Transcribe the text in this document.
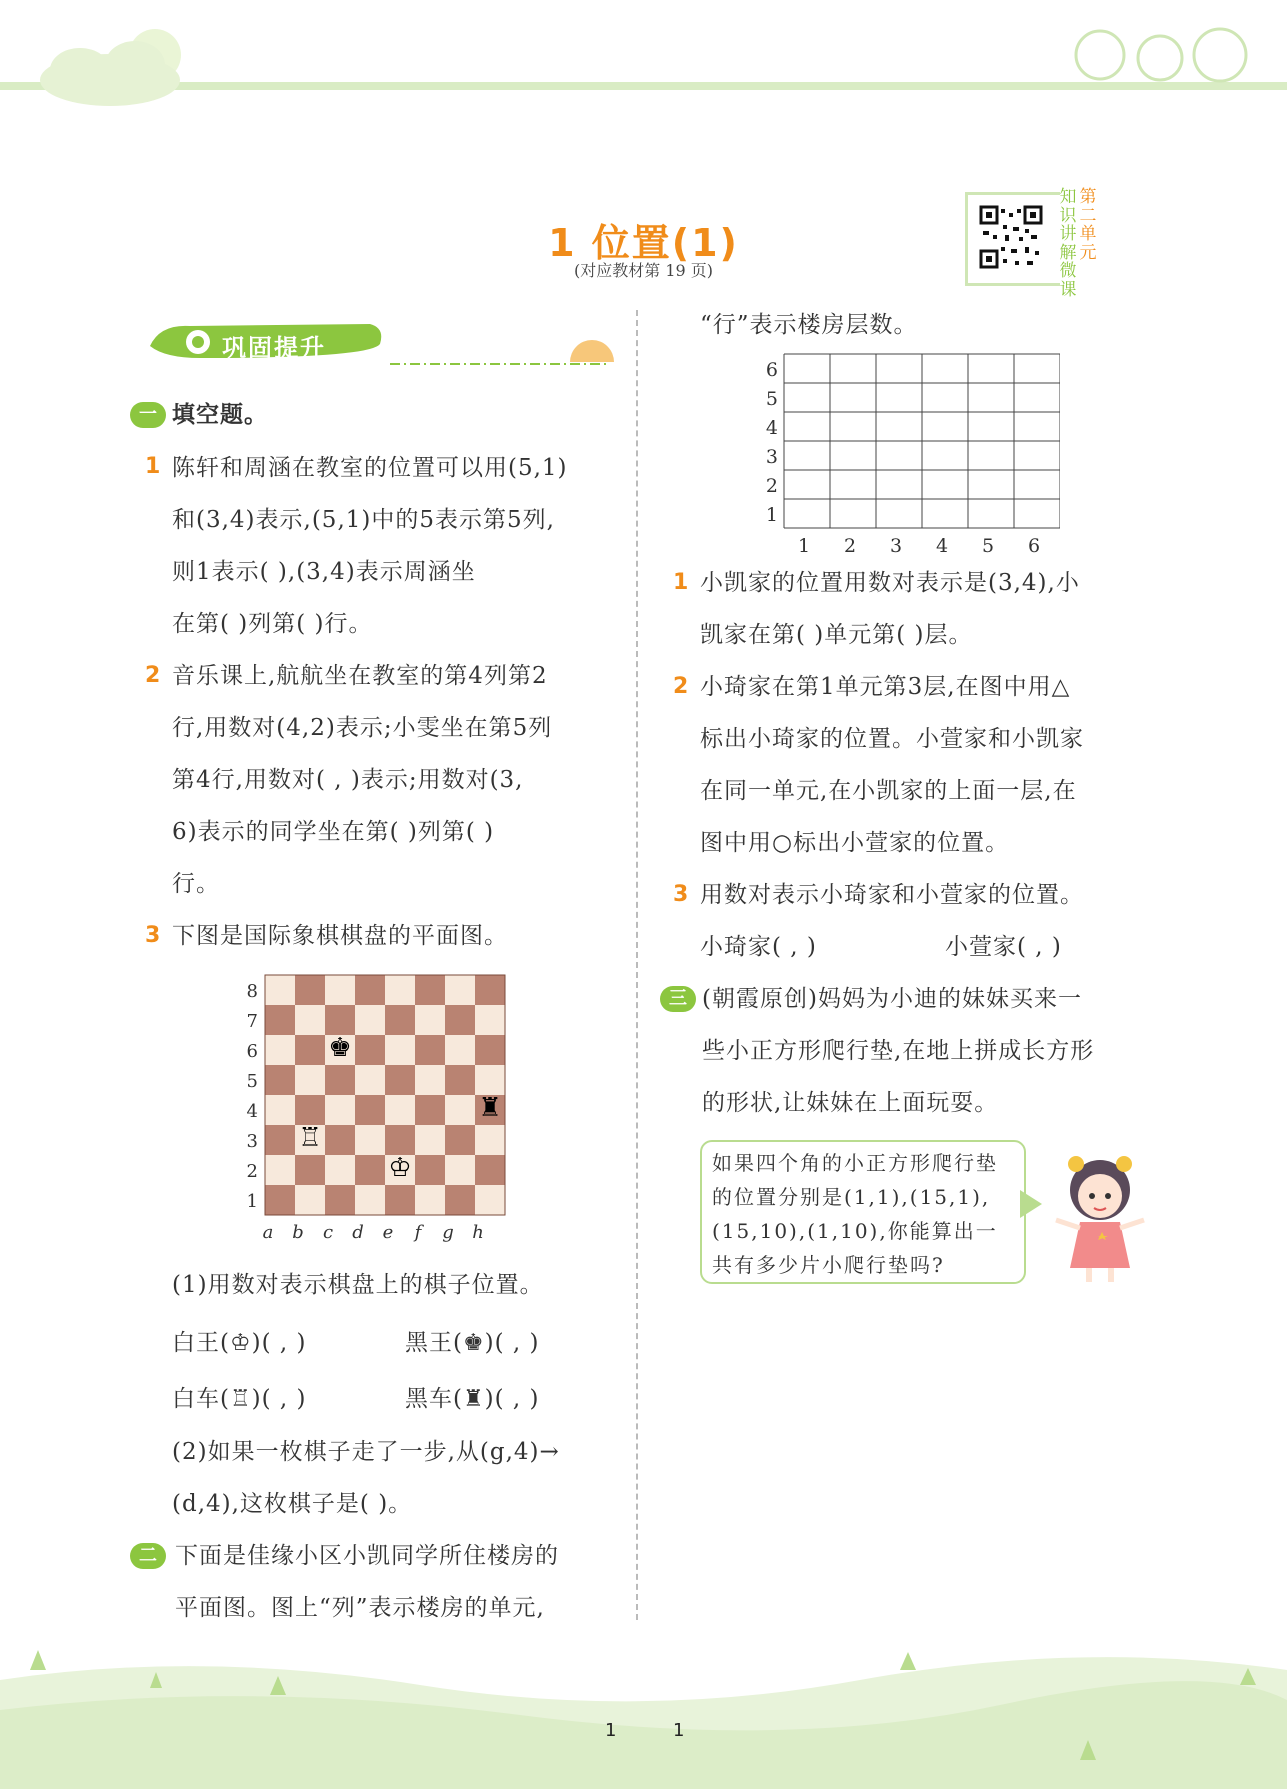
1 位置(1)
(对应教材第 19 页)
知识讲解微课
第二单元
巩固提升
一 填空题。
1 陈轩和周涵在教室的位置可以用(5,1)
和(3,4)表示,(5,1)中的5表示第5列,
则1表示( ),(3,4)表示周涵坐
在第( )列第( )行。
2 音乐课上,航航坐在教室的第4列第2
行,用数对(4,2)表示;小雯坐在第5列
第4行,用数对( , )表示;用数对(3,
6)表示的同学坐在第( )列第( )
行。
3 下图是国际象棋棋盘的平面图。
8
7
6
5
4
3
2
1
a b c d e f g h
♚
♜
♖
♔
(1)用数对表示棋盘上的棋子位置。
白王(♔)( , )	黑王(♚)( , )
白车(♖)( , )	黑车(♜)( , )
(2)如果一枚棋子走了一步,从(g,4)→
(d,4),这枚棋子是( )。
二 下面是佳缘小区小凯同学所住楼房的
平面图。图上“列”表示楼房的单元,
“行”表示楼房层数。
6
5
4
3
2
1
1 2 3 4 5 6
1 小凯家的位置用数对表示是(3,4),小
凯家在第( )单元第( )层。
2 小琦家在第1单元第3层,在图中用△
标出小琦家的位置。小萱家和小凯家
在同一单元,在小凯家的上面一层,在
图中用○标出小萱家的位置。
3 用数对表示小琦家和小萱家的位置。
小琦家( , )	小萱家( , )
三 (朝霞原创)妈妈为小迪的妹妹买来一
些小正方形爬行垫,在地上拼成长方形
的形状,让妹妹在上面玩耍。
如果四个角的小正方形爬行垫的位置分别是(1,1),(15,1),(15,10),(1,10),你能算出一共有多少片小爬行垫吗?
1	1
